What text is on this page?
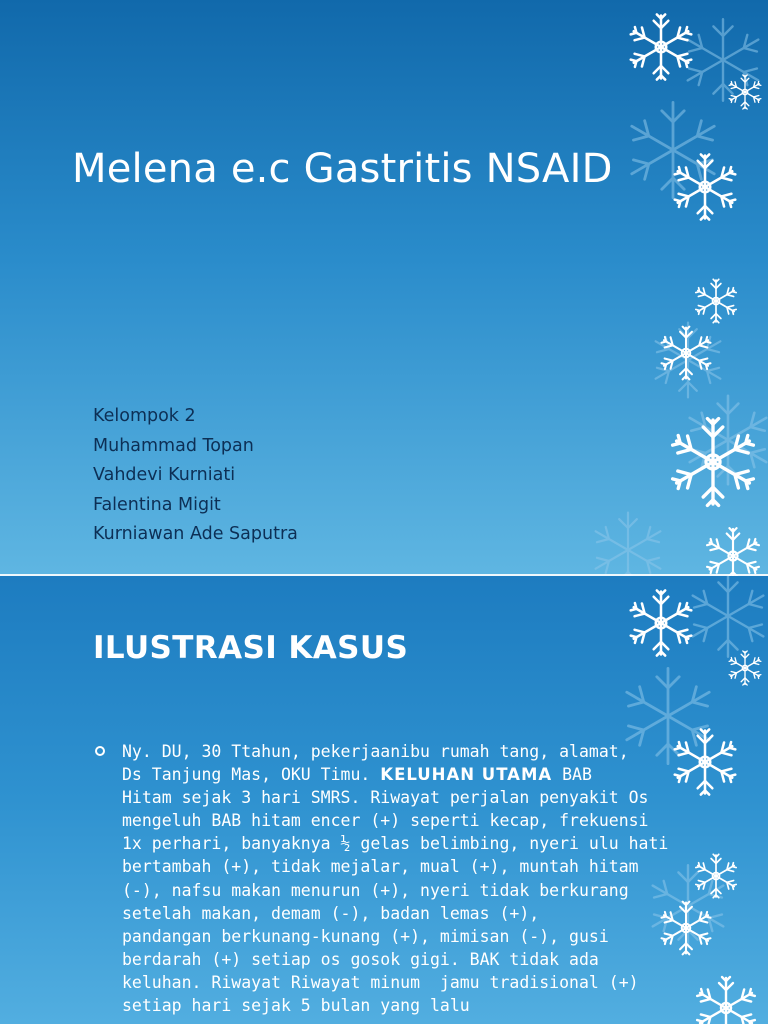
Melena e.c Gastritis NSAID
Kelompok 2
Muhammad Topan
Vahdevi Kurniati
Falentina Migit
Kurniawan Ade Saputra
ILUSTRASI KASUS
Ny. DU, 30 Ttahun, pekerjaanibu rumah tang, alamat,
Ds Tanjung Mas, OKU Timu. KELUHAN UTAMA BAB
Hitam sejak 3 hari SMRS. Riwayat perjalan penyakit Os
mengeluh BAB hitam encer (+) seperti kecap, frekuensi
1x perhari, banyaknya ½ gelas belimbing, nyeri ulu hati
bertambah (+), tidak mejalar, mual (+), muntah hitam
(-), nafsu makan menurun (+), nyeri tidak berkurang
setelah makan, demam (-), badan lemas (+),
pandangan berkunang-kunang (+), mimisan (-), gusi
berdarah (+) setiap os gosok gigi. BAK tidak ada
keluhan. Riwayat Riwayat minum  jamu tradisional (+)
setiap hari sejak 5 bulan yang lalu
